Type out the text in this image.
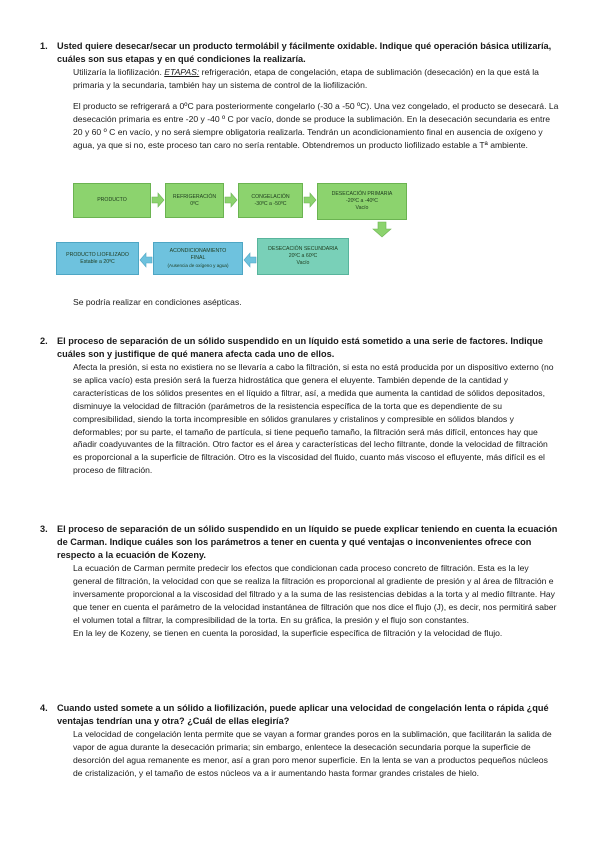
1. Usted quiere desecar/secar un producto termolábil y fácilmente oxidable. Indique qué operación básica utilizaría, cuáles son sus etapas y en qué condiciones la realizaría.

Utilizaría la liofilización. ETAPAS: refrigeración, etapa de congelación, etapa de sublimación (desecación) en la que está la primaria y la secundaria, también hay un sistema de control de la liofilización.

El producto se refrigerará a 0ºC para posteriormente congelarlo (-30 a -50 ºC). Una vez congelado, el producto se desecará. La desecación primaria es entre -20 y -40 º C por vacío, donde se produce la sublimación. En la desecación secundaria es entre 20 y 60 º C en vacío, y no será siempre obligatoria realizarla. Tendrán un acondicionamiento final en ausencia de oxígeno y agua, ya que si no, este proceso tan caro no sería rentable. Obtendremos un producto liofilizado estable a Tª ambiente.

PRODUCTO
REFRIGERACIÓN
0ºC
CONGELACIÓN
-30ºC a -50ºC
DESECACIÓN PRIMARIA
-20ºC a -40ºC
Vacío
DESECACIÓN SECUNDARIA
20ºC a 60ºC
Vacío
ACONDICIONAMIENTO
FINAL
(Ausencia de oxígeno y agua)
PRODUCTO LIOFILIZADO
Estable a 20ºC

Se podría realizar en condiciones asépticas.

2. El proceso de separación de un sólido suspendido en un líquido está sometido a una serie de factores. Indique cuáles son y justifique de qué manera afecta cada uno de ellos.

Afecta la presión, si esta no existiera no se llevaría a cabo la filtración, si esta no está producida por un dispositivo externo (no se aplica vacío) esta presión será la fuerza hidrostática que genera el eluyente. También depende de la cantidad y características de los sólidos presentes en el líquido a filtrar, así, a medida que aumenta la cantidad de sólidos depositados, disminuye la velocidad de filtración (parámetros de la resistencia específica de la torta que es dependiente de su compresibilidad, siendo la torta incompresible en sólidos granulares y cristalinos y compresible en sólidos blandos y deformables; por su parte, el tamaño de partícula, si tiene pequeño tamaño, la filtración será más difícil, entonces hay que añadir coadyuvantes de la filtración. Otro factor es el área y características del lecho filtrante, donde la velocidad de filtración es proporcional a la superficie de filtración. Otro es la viscosidad del fluido, cuanto más viscoso el efluyente, más difícil es el proceso de filtración.

3. El proceso de separación de un sólido suspendido en un líquido se puede explicar teniendo en cuenta la ecuación de Carman. Indique cuáles son los parámetros a tener en cuenta y qué ventajas o inconvenientes ofrece con respecto a la ecuación de Kozeny.

La ecuación de Carman permite predecir los efectos que condicionan cada proceso concreto de filtración. Esta es la ley general de filtración, la velocidad con que se realiza la filtración es proporcional al gradiente de presión y al área de filtración e inversamente proporcional a la viscosidad del filtrado y a la suma de las resistencias debidas a la torta y al medio filtrante. Hay que tener en cuenta el parámetro de la velocidad instantánea de filtración que nos dice el flujo (J), es decir, nos permitirá saber el volumen total a filtrar, la compresibilidad de la torta. En su gráfica, la presión y el flujo son constantes.

En la ley de Kozeny, se tienen en cuenta la porosidad, la superficie específica de filtración y la velocidad de flujo.

4. Cuando usted somete a un sólido a liofilización, puede aplicar una velocidad de congelación lenta o rápida ¿qué ventajas tendrían una y otra? ¿Cuál de ellas elegiría?

La velocidad de congelación lenta permite que se vayan a formar grandes poros en la sublimación, que facilitarán la salida de vapor de agua durante la desecación primaria; sin embargo, enlentece la desecación secundaria porque la superficie de desorción del agua remanente es menor, así a gran poro menor superficie. En la lenta se van a productos pequeños núcleos de cristalización, y el tamaño de estos núcleos va a ir aumentando hasta formar grandes cristales de hielo.
